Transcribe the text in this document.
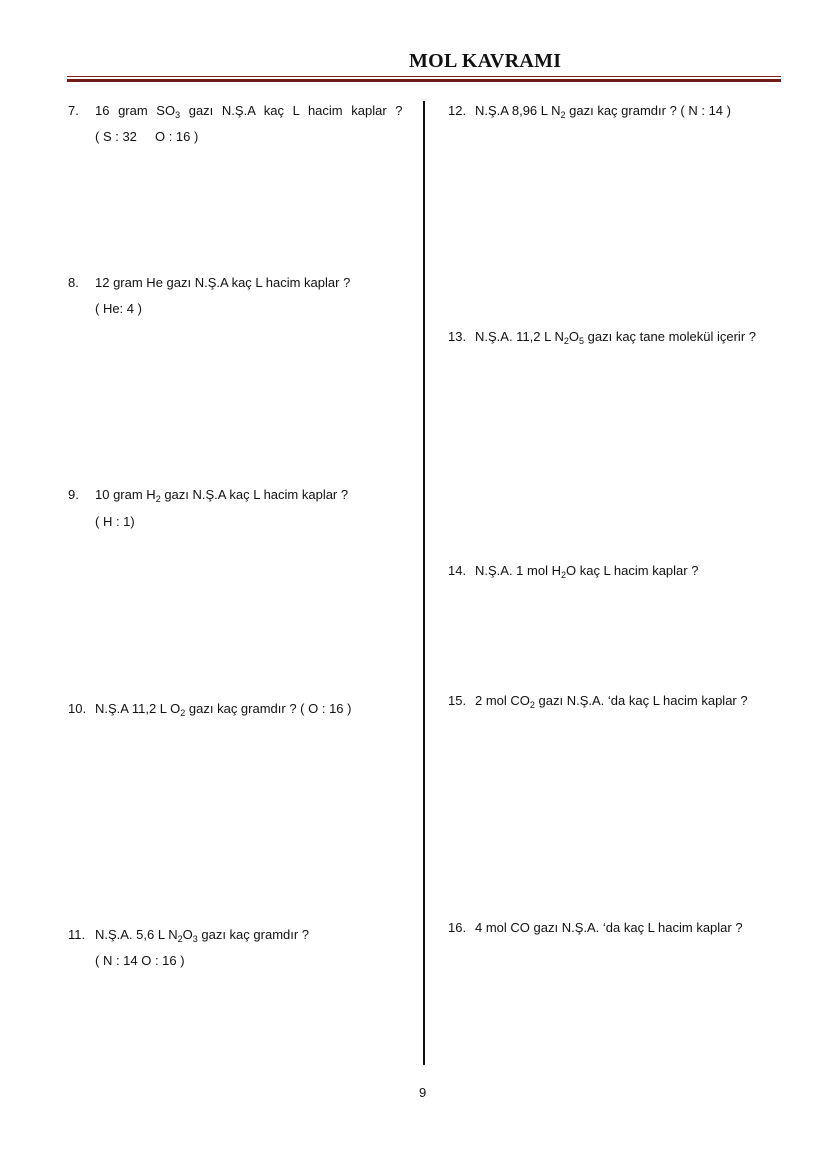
MOL KAVRAMI
7. 16 gram $SO_3$ gazı N.Ş.A kaç L hacim kaplar ?
( S : 32     O : 16 )
8. 12 gram He gazı N.Ş.A kaç L hacim kaplar ?
( He: 4 )
9. 10 gram $H_2$ gazı N.Ş.A kaç L hacim kaplar ?
( H : 1)
10. N.Ş.A 11,2 L $O_2$ gazı kaç gramdır ? ( O : 16 )
11. N.Ş.A. 5,6 L $N_2O_3$ gazı kaç gramdır ?
( N : 14 O : 16 )
12. N.Ş.A 8,96 L $N_2$ gazı kaç gramdır ? ( N : 14 )
13. N.Ş.A. 11,2 L $N_2O_5$ gazı kaç tane molekül içerir ?
14. N.Ş.A. 1 mol $H_2O$ kaç L hacim kaplar ?
15. 2 mol $CO_2$ gazı N.Ş.A. ‘da kaç L hacim kaplar ?
16. 4 mol CO gazı N.Ş.A. ‘da kaç L hacim kaplar ?
9
